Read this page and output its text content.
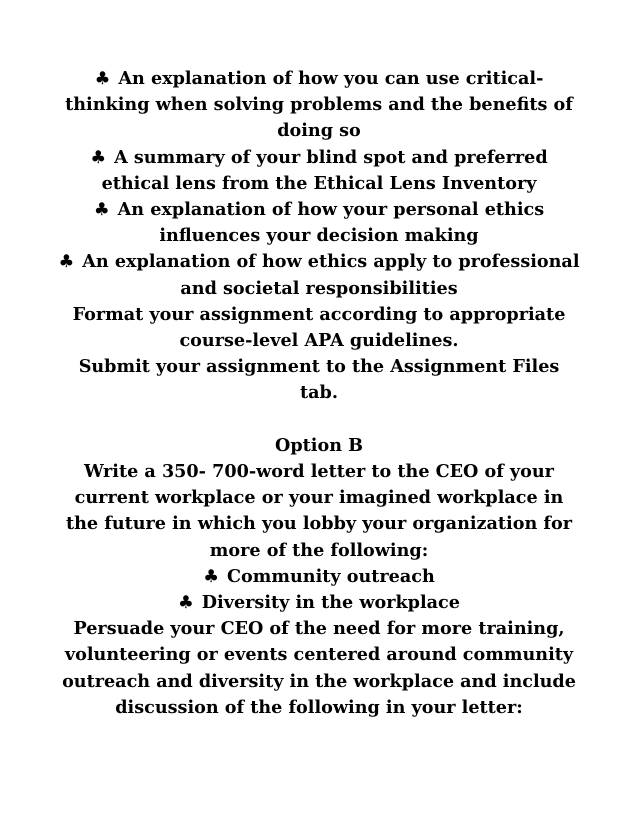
♣ An explanation of how you can use critical-thinking when solving problems and the benefits of doing so

♣ A summary of your blind spot and preferred ethical lens from the Ethical Lens Inventory

♣ An explanation of how your personal ethics influences your decision making

♣ An explanation of how ethics apply to professional and societal responsibilities

Format your assignment according to appropriate course-level APA guidelines.

Submit your assignment to the Assignment Files tab.

Option B

Write a 350- 700-word letter to the CEO of your current workplace or your imagined workplace in the future in which you lobby your organization for more of the following:

♣ Community outreach

♣ Diversity in the workplace

Persuade your CEO of the need for more training, volunteering or events centered around community outreach and diversity in the workplace and include discussion of the following in your letter:
